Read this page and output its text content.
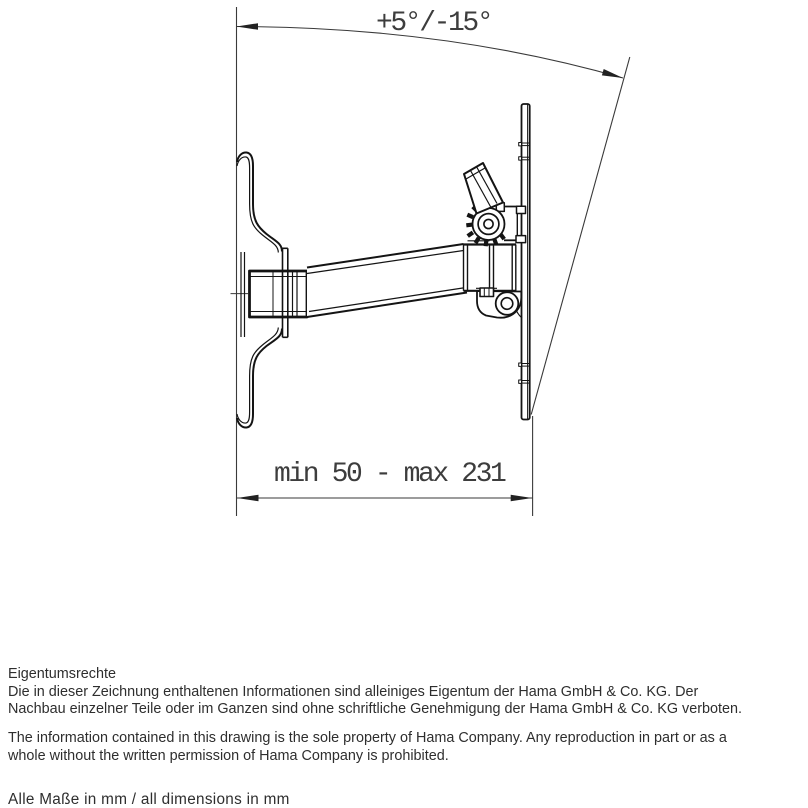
+5°/-15°
min 50 - max 231
Eigentumsrechte
Die in dieser Zeichnung enthaltenen Informationen sind alleiniges Eigentum der Hama GmbH & Co. KG. Der
Nachbau einzelner Teile oder im Ganzen sind ohne schriftliche Genehmigung der Hama GmbH & Co. KG verboten.
The information contained in this drawing is the sole property of Hama Company. Any reproduction in part or as a
whole without the written permission of Hama Company is prohibited.
Alle Maße in mm / all dimensions in mm
